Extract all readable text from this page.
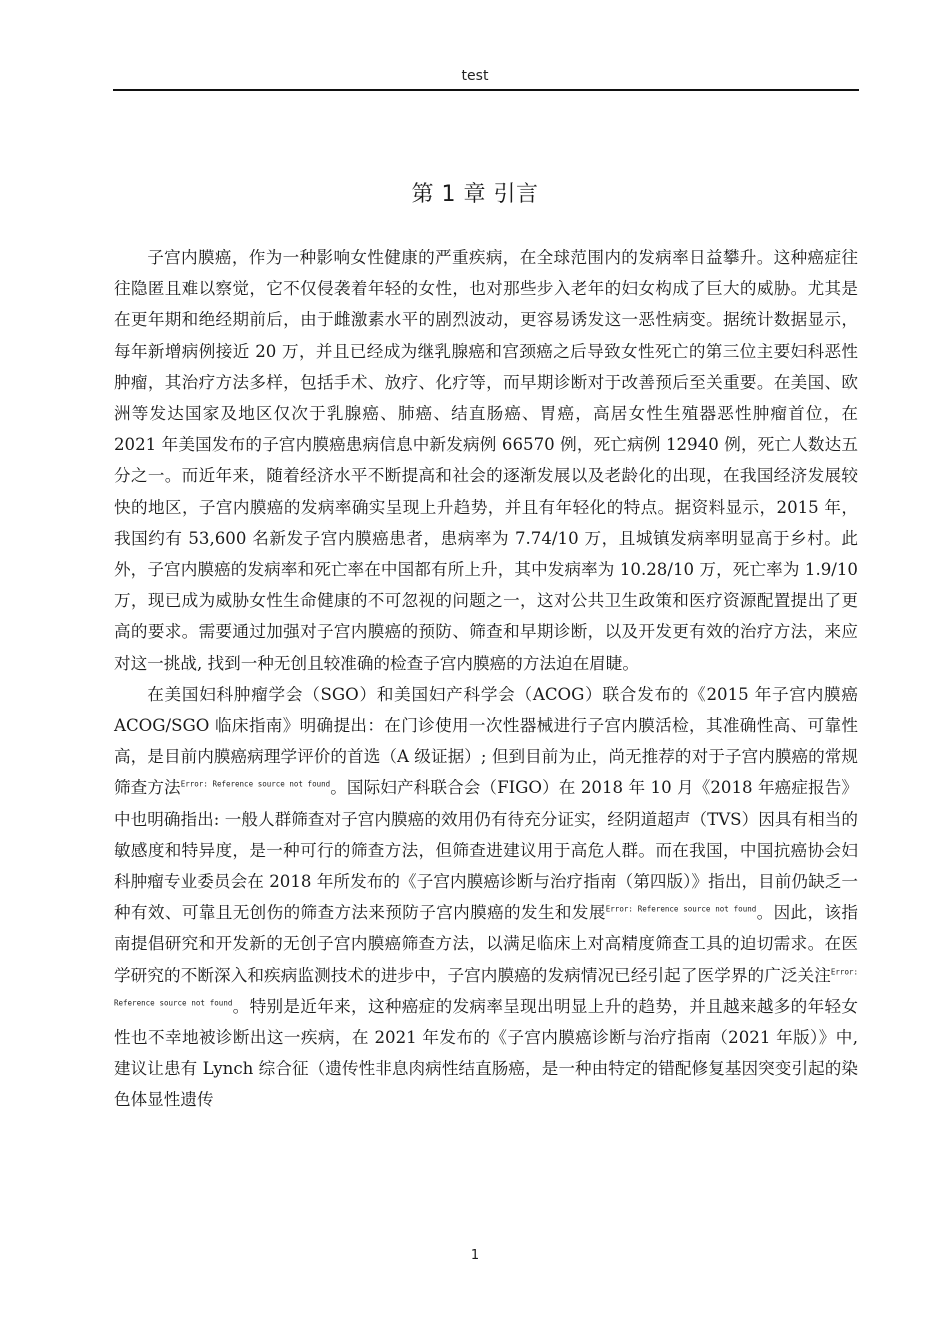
test
第 1 章 引言

子宫内膜癌，作为一种影响女性健康的严重疾病，在全球范围内的发病率日益攀升。这种癌症往往隐匿且难以察觉，它不仅侵袭着年轻的女性，也对那些步入老年的妇女构成了巨大的威胁。尤其是在更年期和绝经期前后，由于雌激素水平的剧烈波动，更容易诱发这一恶性病变。据统计数据显示，每年新增病例接近 20 万，并且已经成为继乳腺癌和宫颈癌之后导致女性死亡的第三位主要妇科恶性肿瘤，其治疗方法多样，包括手术、放疗、化疗等，而早期诊断对于改善预后至关重要。在美国、欧洲等发达国家及地区仅次于乳腺癌、肺癌、结直肠癌、胃癌，高居女性生殖器恶性肿瘤首位，在 2021 年美国发布的子宫内膜癌患病信息中新发病例 66570 例，死亡病例 12940 例，死亡人数达五分之一。而近年来，随着经济水平不断提高和社会的逐渐发展以及老龄化的出现，在我国经济发展较快的地区，子宫内膜癌的发病率确实呈现上升趋势，并且有年轻化的特点。据资料显示，2015 年，我国约有 53,600 名新发子宫内膜癌患者，患病率为 7.74/10 万，且城镇发病率明显高于乡村。此外，子宫内膜癌的发病率和死亡率在中国都有所上升，其中发病率为 10.28/10 万，死亡率为 1.9/10 万，现已成为威胁女性生命健康的不可忽视的问题之一，这对公共卫生政策和医疗资源配置提出了更高的要求。需要通过加强对子宫内膜癌的预防、筛查和早期诊断，以及开发更有效的治疗方法，来应对这一挑战, 找到一种无创且较准确的检查子宫内膜癌的方法迫在眉睫。

在美国妇科肿瘤学会（SGO）和美国妇产科学会（ACOG）联合发布的《2015 年子宫内膜癌 ACOG/SGO 临床指南》明确提出：在门诊使用一次性器械进行子宫内膜活检，其准确性高、可靠性高，是目前内膜癌病理学评价的首选（A 级证据）; 但到目前为止，尚无推荐的对于子宫内膜癌的常规筛查方法$^{Error: Reference source not found}$。国际妇产科联合会（FIGO）在 2018 年 10 月《2018 年癌症报告》中也明确指出: 一般人群筛查对子宫内膜癌的效用仍有待充分证实，经阴道超声（TVS）因具有相当的敏感度和特异度，是一种可行的筛查方法，但筛查进建议用于高危人群。而在我国，中国抗癌协会妇科肿瘤专业委员会在 2018 年所发布的《子宫内膜癌诊断与治疗指南（第四版）》指出，目前仍缺乏一种有效、可靠且无创伤的筛查方法来预防子宫内膜癌的发生和发展$^{Error: Reference source not found}$。因此，该指南提倡研究和开发新的无创子宫内膜癌筛查方法，以满足临床上对高精度筛查工具的迫切需求。在医学研究的不断深入和疾病监测技术的进步中，子宫内膜癌的发病情况已经引起了医学界的广泛关注$^{Error: Reference source not found}$。特别是近年来，这种癌症的发病率呈现出明显上升的趋势，并且越来越多的年轻女性也不幸地被诊断出这一疾病，在 2021 年发布的《子宫内膜癌诊断与治疗指南（2021 年版）》中, 建议让患有 Lynch 综合征（遗传性非息肉病性结直肠癌，是一种由特定的错配修复基因突变引起的染色体显性遗传

1
